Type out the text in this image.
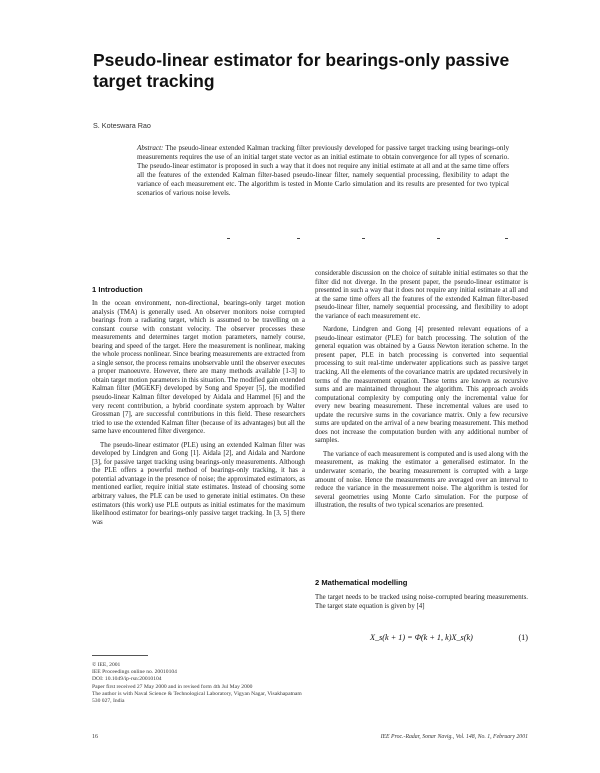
Pseudo-linear estimator for bearings-only passive target tracking
S. Koteswara Rao
Abstract: The pseudo-linear extended Kalman tracking filter previously developed for passive target tracking using bearings-only measurements requires the use of an initial target state vector as an initial estimate to obtain convergence for all types of scenario. The pseudo-linear estimator is proposed in such a way that it does not require any initial estimate at all and at the same time offers all the features of the extended Kalman filter-based pseudo-linear filter, namely sequential processing, flexibility to adapt the variance of each measurement etc. The algorithm is tested in Monte Carlo simulation and its results are presented for two typical scenarios of various noise levels.
1 Introduction

In the ocean environment, non-directional, bearings-only target motion analysis (TMA) is generally used. An observer monitors noise corrupted bearings from a radiating target, which is assumed to be travelling on a constant course with constant velocity. The observer processes these measurements and determines target motion parameters, namely course, bearing and speed of the target. Here the measurement is nonlinear, making the whole process nonlinear. Since bearing measurements are extracted from a single sensor, the process remains unobservable until the observer executes a proper manoeuvre. However, there are many methods available [1-3] to obtain target motion parameters in this situation. The modified gain extended Kalman filter (MGEKF) developed by Song and Speyer [5], the modified pseudo-linear Kalman filter developed by Aidala and Hammel [6] and the very recent contribution, a hybrid coordinate system approach by Walter Grossman [7], are successful contributions in this field. These researchers tried to use the extended Kalman filter (because of its advantages) but all the same have encountered filter divergence.

The pseudo-linear estimator (PLE) using an extended Kalman filter was developed by Lindgren and Gong [1]. Aidala [2], and Aidala and Nardone [3], for passive target tracking using bearings-only measurements. Although the PLE offers a powerful method of bearings-only tracking, it has a potential advantage in the presence of noise; the approximated estimators, as mentioned earlier, require initial state estimates. Instead of choosing some arbitrary values, the PLE can be used to generate initial estimates. On these estimators (this work) use PLE outputs as initial estimates for the maximum likelihood estimator for bearings-only passive target tracking. In [3, 5] there was

considerable discussion on the choice of suitable initial estimates so that the filter did not diverge. In the present paper, the pseudo-linear estimator is presented in such a way that it does not require any initial estimate at all and at the same time offers all the features of the extended Kalman filter-based pseudo-linear filter, namely sequential processing, and flexibility to adopt the variance of each measurement etc.

Nardone, Lindgren and Gong [4] presented relevant equations of a pseudo-linear estimator (PLE) for batch processing. The solution of the general equation was obtained by a Gauss Newton iteration scheme. In the present paper, PLE in batch processing is converted into sequential processing to suit real-time underwater applications such as passive target tracking. All the elements of the covariance matrix are updated recursively in terms of the measurement equation. These terms are known as recursive sums and are maintained throughout the algorithm. This approach avoids computational complexity by computing only the incremental value for every new bearing measurement. These incremental values are used to update the recursive sums in the covariance matrix. Only a few recursive sums are updated on the arrival of a new bearing measurement. This method does not increase the computation burden with any additional number of samples.

The variance of each measurement is computed and is used along with the measurement, as making the estimator a generalised estimator. In the underwater scenario, the bearing measurement is corrupted with a large amount of noise. Hence the measurements are averaged over an interval to reduce the variance in the measurement noise. The algorithm is tested for several geometries using Monte Carlo simulation. For the purpose of illustration, the results of two typical scenarios are presented.

2 Mathematical modelling
The target needs to be tracked using noise-corrupted bearing measurements. The target state equation is given by [4]
X_s(k + 1) = Φ(k + 1, k)X_s(k)	(1)
© IEE, 2001
IEE Proceedings online no. 20010104
DOI: 10.1049/ip-rsn:20010104
Paper first received 27 May 2000 and in revised form 4th Jul May 2000
The author is with Naval Science & Technological Laboratory, Vigyan Nagar, Visakhapatnam 530 027, India
16	IEE Proc.-Radar, Sonar Navig., Vol. 148, No. 1, February 2001
